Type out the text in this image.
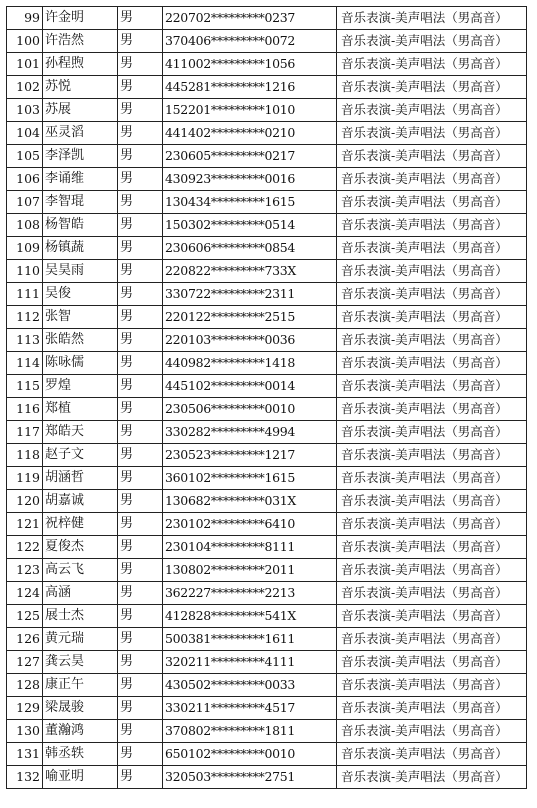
99	许金明	男	220702*********0237	音乐表演-美声唱法（男高音）
100	许浩然	男	370406*********0072	音乐表演-美声唱法（男高音）
101	孙程煦	男	411002*********1056	音乐表演-美声唱法（男高音）
102	苏悦	男	445281*********1216	音乐表演-美声唱法（男高音）
103	苏展	男	152201*********1010	音乐表演-美声唱法（男高音）
104	巫灵滔	男	441402*********0210	音乐表演-美声唱法（男高音）
105	李泽凯	男	230605*********0217	音乐表演-美声唱法（男高音）
106	李诵维	男	430923*********0016	音乐表演-美声唱法（男高音）
107	李智琨	男	130434*********1615	音乐表演-美声唱法（男高音）
108	杨智皓	男	150302*********0514	音乐表演-美声唱法（男高音）
109	杨镇蔬	男	230606*********0854	音乐表演-美声唱法（男高音）
110	吴昊雨	男	220822*********733X	音乐表演-美声唱法（男高音）
111	吴俊	男	330722*********2311	音乐表演-美声唱法（男高音）
112	张智	男	220122*********2515	音乐表演-美声唱法（男高音）
113	张皓然	男	220103*********0036	音乐表演-美声唱法（男高音）
114	陈咏儒	男	440982*********1418	音乐表演-美声唱法（男高音）
115	罗煌	男	445102*********0014	音乐表演-美声唱法（男高音）
116	郑植	男	230506*********0010	音乐表演-美声唱法（男高音）
117	郑皓天	男	330282*********4994	音乐表演-美声唱法（男高音）
118	赵子文	男	230523*********1217	音乐表演-美声唱法（男高音）
119	胡涵哲	男	360102*********1615	音乐表演-美声唱法（男高音）
120	胡嘉诚	男	130682*********031X	音乐表演-美声唱法（男高音）
121	祝梓健	男	230102*********6410	音乐表演-美声唱法（男高音）
122	夏俊杰	男	230104*********8111	音乐表演-美声唱法（男高音）
123	高云飞	男	130802*********2011	音乐表演-美声唱法（男高音）
124	高涵	男	362227*********2213	音乐表演-美声唱法（男高音）
125	展士杰	男	412828*********541X	音乐表演-美声唱法（男高音）
126	黄元瑞	男	500381*********1611	音乐表演-美声唱法（男高音）
127	龚云昊	男	320211*********4111	音乐表演-美声唱法（男高音）
128	康正午	男	430502*********0033	音乐表演-美声唱法（男高音）
129	梁晟骏	男	330211*********4517	音乐表演-美声唱法（男高音）
130	董瀚鸿	男	370802*********1811	音乐表演-美声唱法（男高音）
131	韩丞轶	男	650102*********0010	音乐表演-美声唱法（男高音）
132	喻亚明	男	320503*********2751	音乐表演-美声唱法（男高音）
